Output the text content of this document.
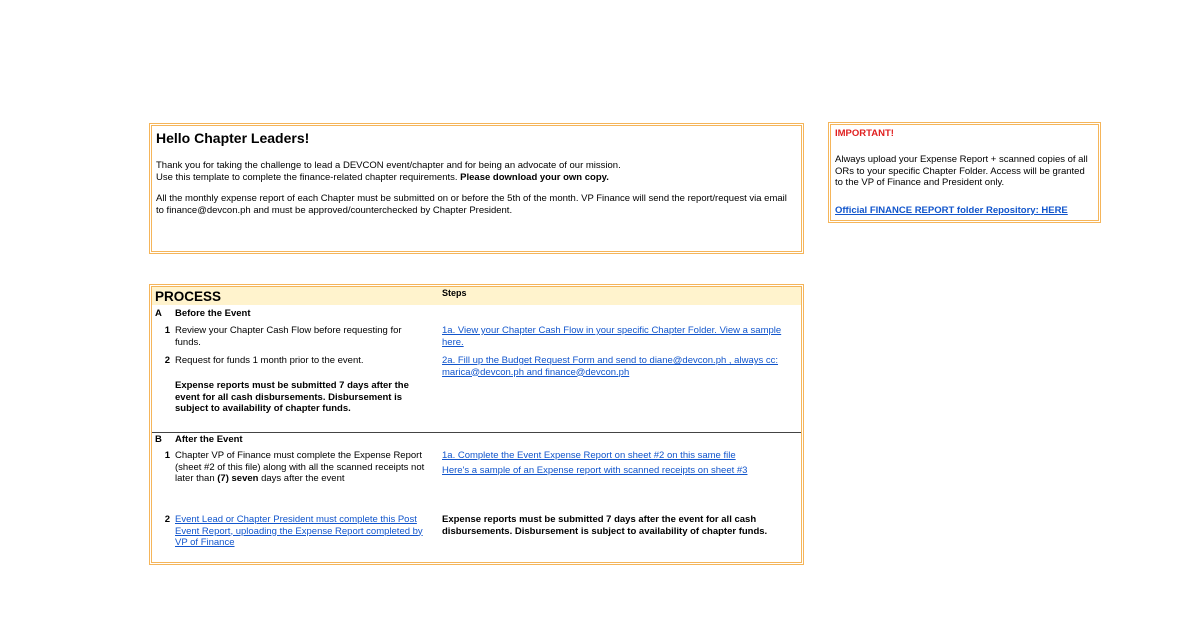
Hello Chapter Leaders!

Thank you for taking the challenge to lead a DEVCON event/chapter and for being an advocate of our mission.
Use this template to complete the finance-related chapter requirements. Please download your own copy.

All the monthly expense report of each Chapter must be submitted on or before the 5th of the month. VP Finance will send the report/request via email to finance@devcon.ph and must be approved/counterchecked by Chapter President.

IMPORTANT!
Always upload your Expense Report + scanned copies of all ORs to your specific Chapter Folder. Access will be granted to the VP of Finance and President only.
Official FINANCE REPORT folder Repository: HERE
PROCESS	Steps
A Before the Event
1 Review your Chapter Cash Flow before requesting for funds.
1a. View your Chapter Cash Flow in your specific Chapter Folder. View a sample here.
2 Request for funds 1 month prior to the event.	2a. Fill up the Budget Request Form and send to diane@devcon.ph , always cc: marica@devcon.ph and finance@devcon.ph
Expense reports must be submitted 7 days after the event for all cash disbursements. Disbursement is subject to availability of chapter funds.
B After the Event
1 Chapter VP of Finance must complete the Expense Report (sheet #2 of this file) along with all the scanned receipts not later than (7) seven days after the event
1a. Complete the Event Expense Report on sheet #2 on this same file
Here's a sample of an Expense report with scanned receipts on sheet #3
2 Event Lead or Chapter President must complete this Post Event Report, uploading the Expense Report completed by VP of Finance
Expense reports must be submitted 7 days after the event for all cash disbursements. Disbursement is subject to availability of chapter funds.
